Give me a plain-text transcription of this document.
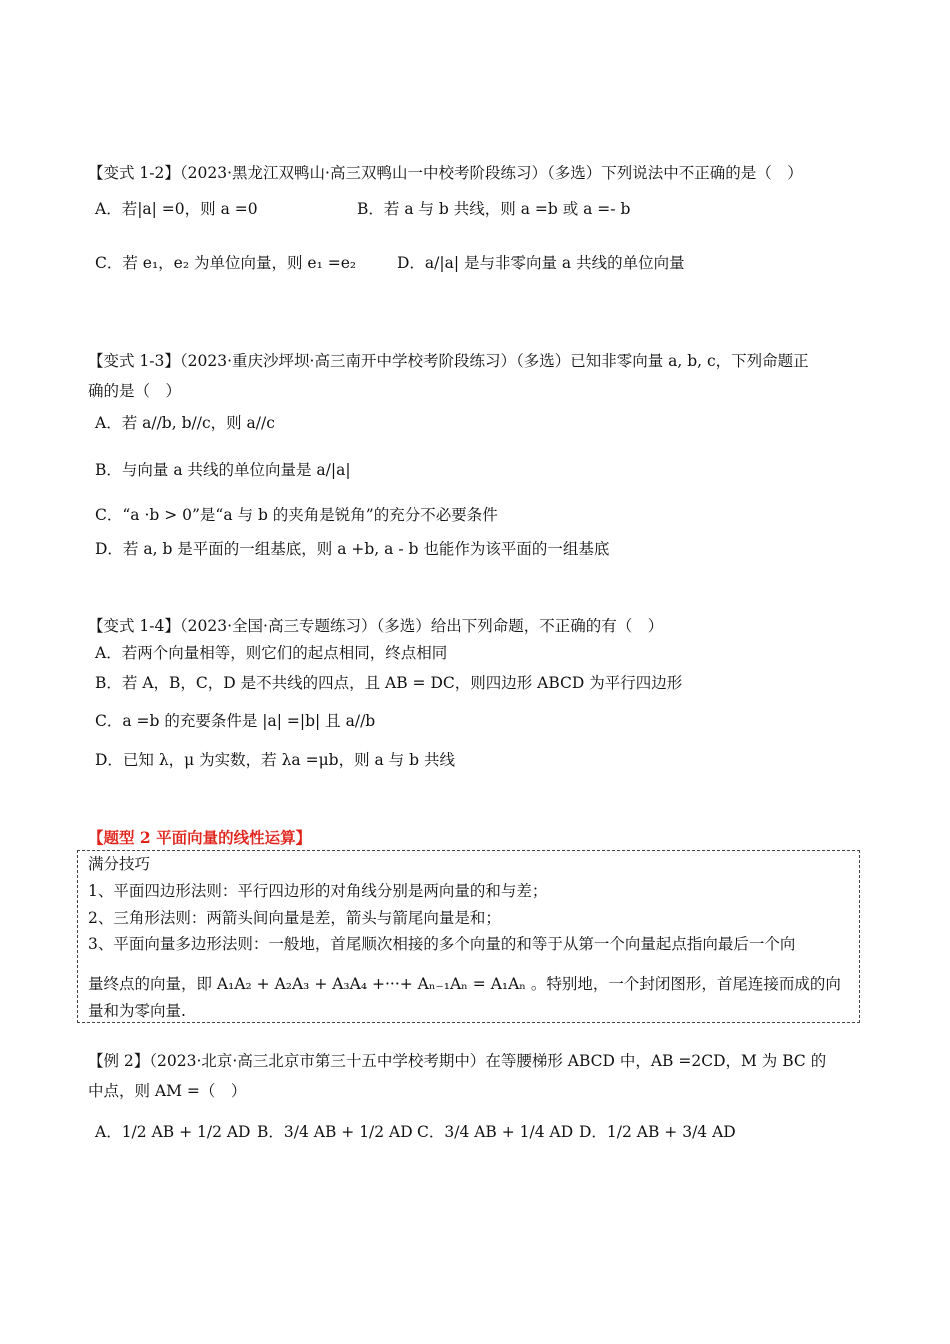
【变式 1-2】（2023·黑龙江双鸭山·高三双鸭山一中校考阶段练习）（多选）下列说法中不正确的是（　）
A．若|a| =0，则 a =0	B．若 a 与 b 共线，则 a =b 或 a =- b
C．若 e₁，e₂ 为单位向量，则 e₁ =e₂	D．a/|a| 是与非零向量 a 共线的单位向量
【变式 1-3】（2023·重庆沙坪坝·高三南开中学校考阶段练习）（多选）已知非零向量 a, b, c，下列命题正
确的是（　）
A．若 a//b, b//c，则 a//c
B．与向量 a 共线的单位向量是 a/|a|
C．“a ·b > 0”是“a 与 b 的夹角是锐角”的充分不必要条件
D．若 a, b 是平面的一组基底，则 a +b, a - b 也能作为该平面的一组基底
【变式 1-4】（2023·全国·高三专题练习）（多选）给出下列命题，不正确的有（　）
A．若两个向量相等，则它们的起点相同，终点相同
B．若 A，B，C，D 是不共线的四点，且 AB = DC，则四边形 ABCD 为平行四边形
C．a =b 的充要条件是 |a| =|b| 且 a//b
D．已知 λ，μ 为实数，若 λa =μb，则 a 与 b 共线
【题型 2 平面向量的线性运算】
满分技巧
1、平面四边形法则：平行四边形的对角线分别是两向量的和与差；
2、三角形法则：两箭头间向量是差，箭头与箭尾向量是和；
3、平面向量多边形法则：一般地，首尾顺次相接的多个向量的和等于从第一个向量起点指向最后一个向
量终点的向量，即 A₁A₂ + A₂A₃ + A₃A₄ +···+ Aₙ₋₁Aₙ = A₁Aₙ 。特别地，一个封闭图形，首尾连接而成的向
量和为零向量.
【例 2】（2023·北京·高三北京市第三十五中学校考期中）在等腰梯形 ABCD 中，AB =2CD，M 为 BC 的
中点，则 AM =（　）
A．1/2 AB + 1/2 AD B．3/4 AB + 1/2 AD C．3/4 AB + 1/4 AD D．1/2 AB + 3/4 AD
